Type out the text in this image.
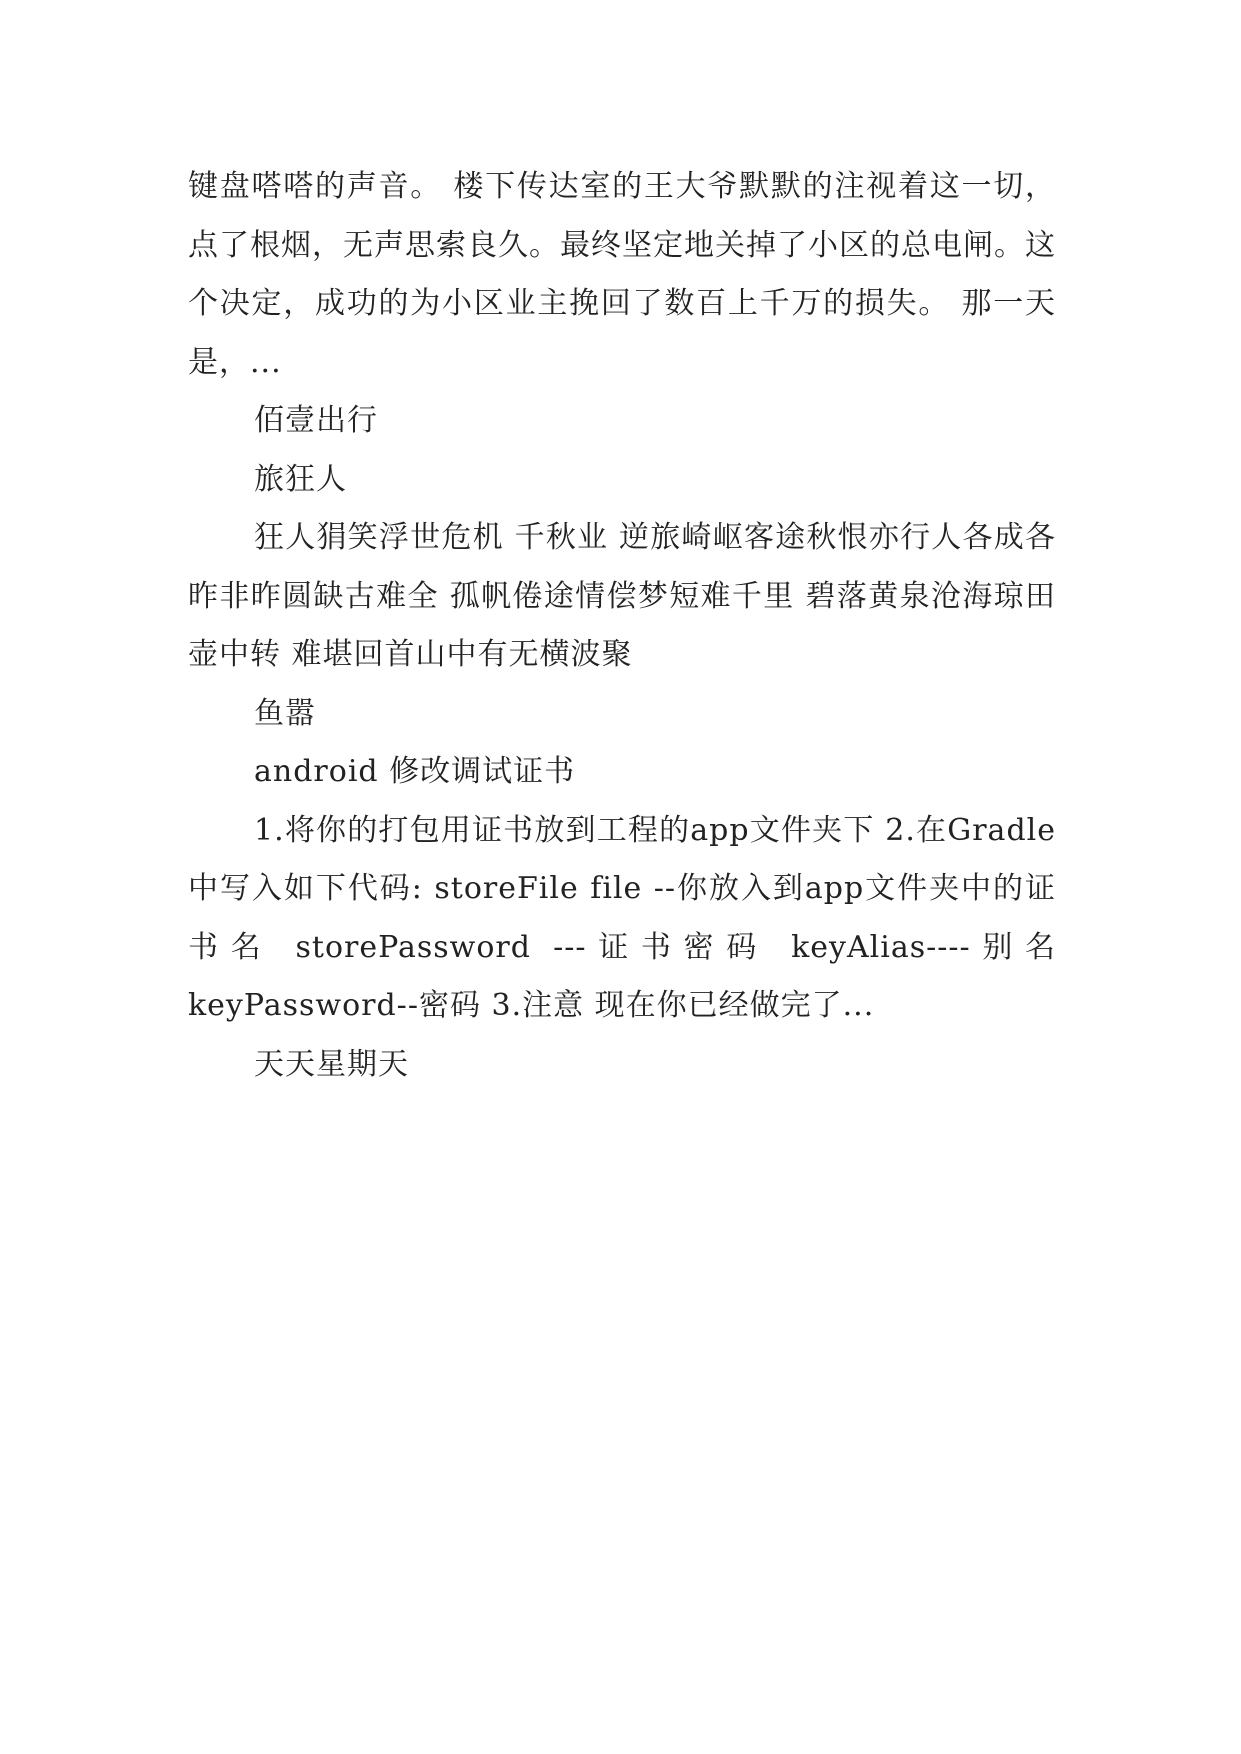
键盘嗒嗒的声音。 楼下传达室的王大爷默默的注视着这一切，点了根烟，无声思索良久。最终坚定地关掉了小区的总电闸。这个决定，成功的为小区业主挽回了数百上千万的损失。 那一天是，...

佰壹出行

旅狂人

狂人狷笑浮世危机 千秋业 逆旅崎岖客途秋恨亦行人各成各昨非昨圆缺古难全 孤帆倦途情偿梦短难千里 碧落黄泉沧海琼田壶中转 难堪回首山中有无横波聚

鱼嚣

android 修改调试证书

1.将你的打包用证书放到工程的app文件夹下 2.在Gradle中写入如下代码: storeFile file --你放入到app文件夹中的证书名 storePassword ---证书密码 keyAlias----别名keyPassword--密码 3.注意 现在你已经做完了...

天天星期天
